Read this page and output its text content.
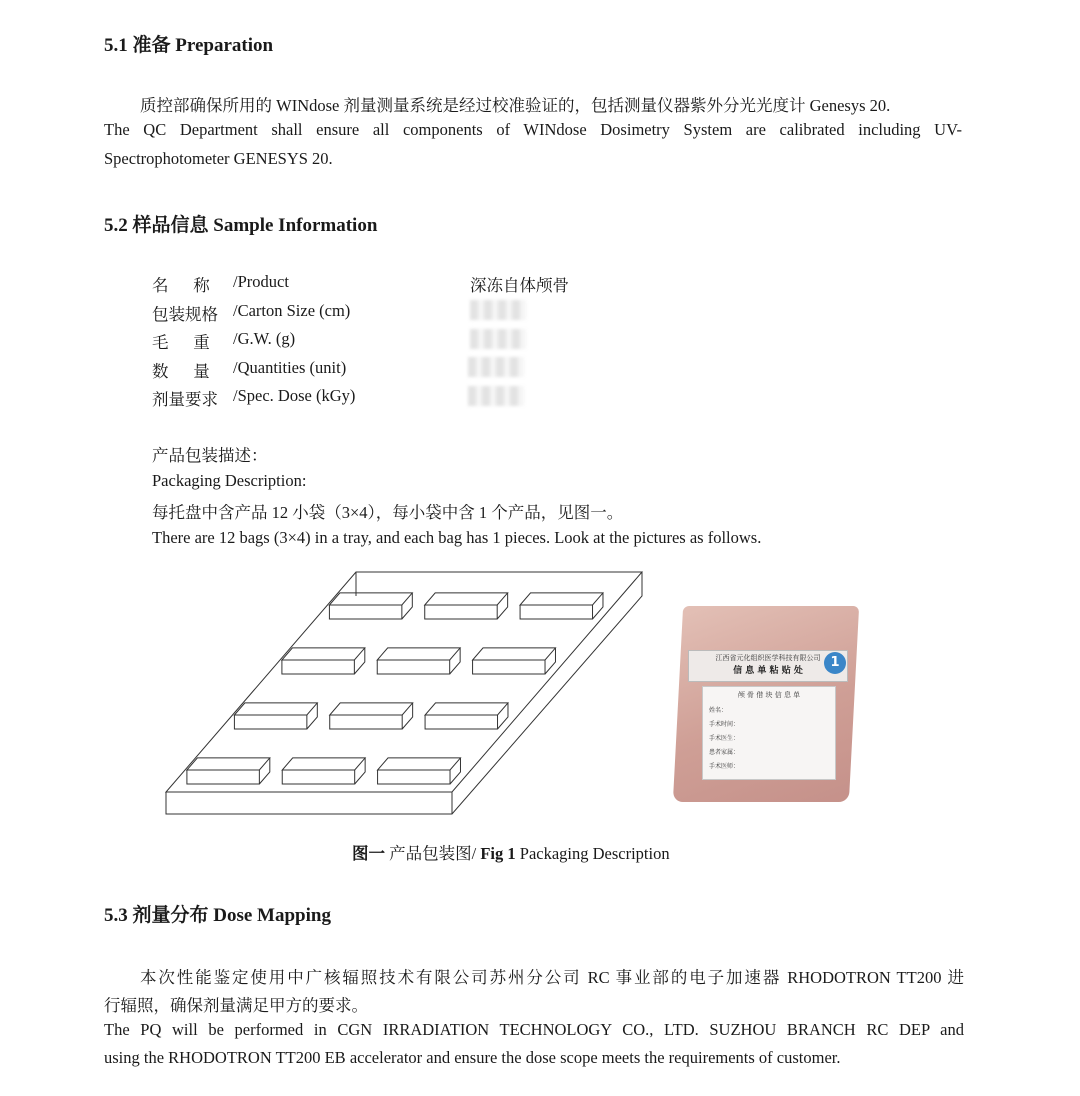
5.1 准备 Preparation
质控部确保所用的 WINdose 剂量测量系统是经过校准验证的，包括测量仪器紫外分光光度计 Genesys 20.
The QC Department shall ensure all components of WINdose Dosimetry System are calibrated including UV-
Spectrophotometer GENESYS 20.
5.2 样品信息 Sample Information
名      称 /Product	深冻自体颅骨
包装规格 /Carton Size (cm)
毛      重 /G.W. (g)
数      量 /Quantities (unit)
剂量要求 /Spec. Dose (kGy)
产品包装描述：
Packaging Description:
每托盘中含产品 12 小袋（3×4），每小袋中含 1 个产品，见图一。
There are 12 bags (3×4) in a tray, and each bag has 1 pieces. Look at the pictures as follows.
江西省元化组织医学科技有限公司
信 息 单 粘 贴 处
1
颅 骨 借 块 信 息 单
姓名：
手术时间：
手术医生：
患者家属：
手术医师：
图一 产品包装图/ Fig 1 Packaging Description
5.3 剂量分布 Dose Mapping
本次性能鉴定使用中广核辐照技术有限公司苏州分公司 RC 事业部的电子加速器 RHODOTRON TT200 进
行辐照，确保剂量满足甲方的要求。
The PQ will be performed in CGN IRRADIATION TECHNOLOGY CO., LTD. SUZHOU BRANCH RC DEP and
using the RHODOTRON TT200 EB accelerator and ensure the dose scope meets the requirements of customer.
